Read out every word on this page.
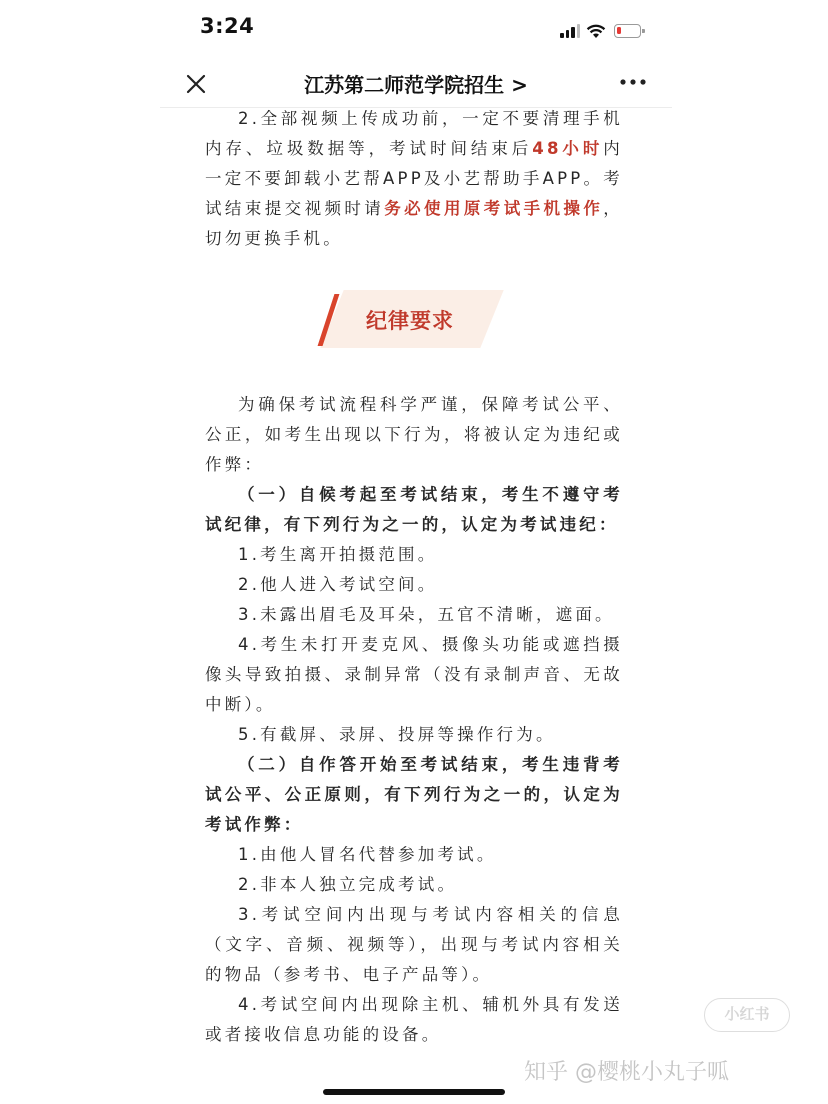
3:24
江苏第二师范学院招生 >

2.全部视频上传成功前，一定不要清理手机内存、垃圾数据等，考试时间结束后48小时内一定不要卸载小艺帮APP及小艺帮助手APP。考试结束提交视频时请务必使用原考试手机操作，切勿更换手机。

纪律要求

为确保考试流程科学严谨，保障考试公平、公正，如考生出现以下行为，将被认定为违纪或作弊：

（一）自候考起至考试结束，考生不遵守考试纪律，有下列行为之一的，认定为考试违纪：

1.考生离开拍摄范围。

2.他人进入考试空间。

3.未露出眉毛及耳朵，五官不清晰，遮面。

4.考生未打开麦克风、摄像头功能或遮挡摄像头导致拍摄、录制异常（没有录制声音、无故中断）。

5.有截屏、录屏、投屏等操作行为。

（二）自作答开始至考试结束，考生违背考试公平、公正原则，有下列行为之一的，认定为考试作弊：

1.由他人冒名代替参加考试。

2.非本人独立完成考试。

3.考试空间内出现与考试内容相关的信息（文字、音频、视频等），出现与考试内容相关的物品（参考书、电子产品等）。

4.考试空间内出现除主机、辅机外具有发送或者接收信息功能的设备。

小红书
知乎 @樱桃小丸子呱
